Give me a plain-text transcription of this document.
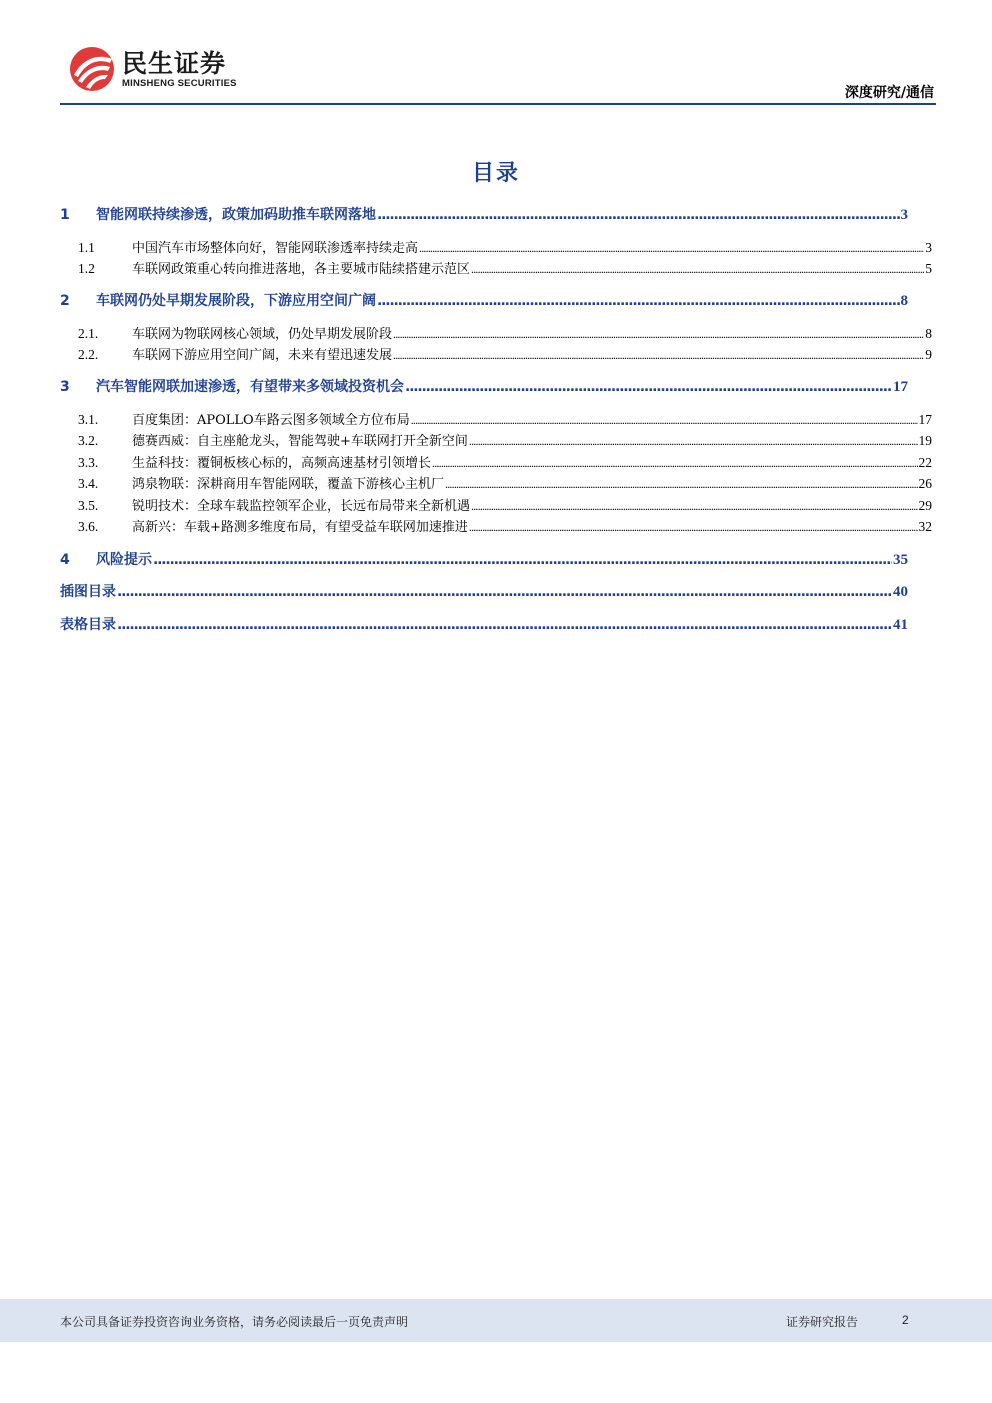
民生证券
MINSHENG SECURITIES
深度研究/通信
目录
1	智能网联持续渗透，政策加码助推车联网落地 .....	3
1.1	中国汽车市场整体向好，智能网联渗透率持续走高 .....	3
1.2	车联网政策重心转向推进落地，各主要城市陆续搭建示范区 .....	5
2	车联网仍处早期发展阶段，下游应用空间广阔 .....	8
2.1.	车联网为物联网核心领域，仍处早期发展阶段 .....	8
2.2.	车联网下游应用空间广阔，未来有望迅速发展 .....	9
3	汽车智能网联加速渗透，有望带来多领域投资机会 .....	17
3.1.	百度集团：APOLLO车路云图多领域全方位布局 .....	17
3.2.	德赛西威：自主座舱龙头，智能驾驶+车联网打开全新空间 .....	19
3.3.	生益科技：覆铜板核心标的，高频高速基材引领增长 .....	22
3.4.	鸿泉物联：深耕商用车智能网联，覆盖下游核心主机厂 .....	26
3.5.	锐明技术：全球车载监控领军企业，长远布局带来全新机遇 .....	29
3.6.	高新兴：车载+路测多维度布局，有望受益车联网加速推进 .....	32
4	风险提示 .....	35
插图目录 .....	40
表格目录 .....	41
本公司具备证券投资咨询业务资格，请务必阅读最后一页免责声明	证券研究报告	2
